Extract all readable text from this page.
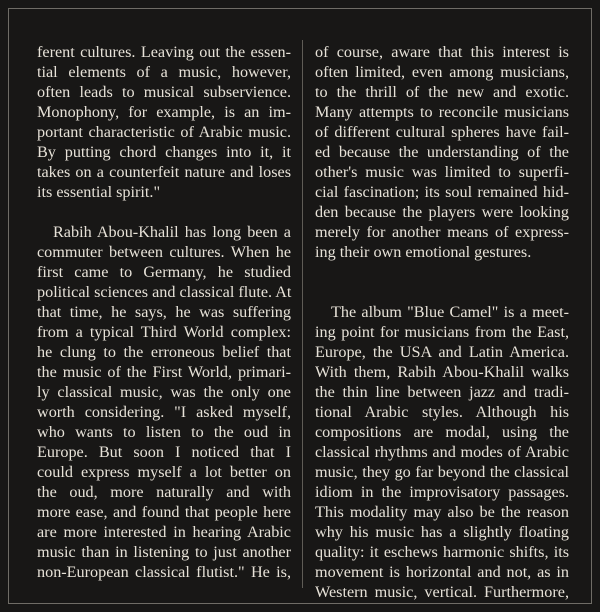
ferent cultures. Leaving out the essen-
tial elements of a music, however,
often leads to musical subservience.
Monophony, for example, is an im-
portant characteristic of Arabic music.
By putting chord changes into it, it
takes on a counterfeit nature and loses
its essential spirit."
Rabih Abou-Khalil has long been a
commuter between cultures. When he
first came to Germany, he studied
political sciences and classical flute. At
that time, he says, he was suffering
from a typical Third World complex:
he clung to the erroneous belief that
the music of the First World, primari-
ly classical music, was the only one
worth considering. "I asked myself,
who wants to listen to the oud in
Europe. But soon I noticed that I
could express myself a lot better on
the oud, more naturally and with
more ease, and found that people here
are more interested in hearing Arabic
music than in listening to just another
non-European classical flutist." He is,
of course, aware that this interest is
often limited, even among musicians,
to the thrill of the new and exotic.
Many attempts to reconcile musicians
of different cultural spheres have fail-
ed because the understanding of the
other's music was limited to superfi-
cial fascination; its soul remained hid-
den because the players were looking
merely for another means of express-
ing their own emotional gestures.
The album "Blue Camel" is a meet-
ing point for musicians from the East,
Europe, the USA and Latin America.
With them, Rabih Abou-Khalil walks
the thin line between jazz and tradi-
tional Arabic styles. Although his
compositions are modal, using the
classical rhythms and modes of Arabic
music, they go far beyond the classical
idiom in the improvisatory passages.
This modality may also be the reason
why his music has a slightly floating
quality: it eschews harmonic shifts, its
movement is horizontal and not, as in
Western music, vertical. Furthermore,
